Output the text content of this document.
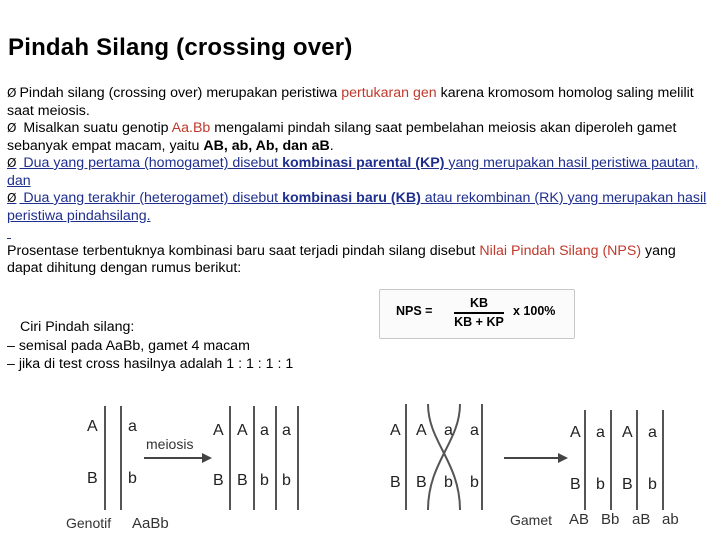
Pindah Silang (crossing over)

Ø Pindah silang (crossing over) merupakan peristiwa pertukaran gen karena kromosom homolog saling melilit saat meiosis.

Ø Misalkan suatu genotip Aa.Bb mengalami pindah silang saat pembelahan meiosis akan diperoleh gamet sebanyak empat macam, yaitu AB, ab, Ab, dan aB.

Ø Dua yang pertama (homogamet) disebut kombinasi parental (KP) yang merupakan hasil peristiwa pautan, dan

Ø Dua yang terakhir (heterogamet) disebut kombinasi baru (KB) atau rekombinan (RK) yang merupakan hasil peristiwa pindahsilang.

Prosentase terbentuknya kombinasi baru saat terjadi pindah silang disebut Nilai Pindah Silang (NPS) yang dapat dihitung dengan rumus berikut:

NPS =
KB
KB + KP
x 100%
Ciri Pindah silang:
– semisal pada AaBb, gamet 4 macam
– jika di test cross hasilnya adalah 1 : 1 : 1 : 1
A a
B b
meiosis
A A a a
B B b b
A A a a
B B b b
A a A a
B b B b
Genotif AaBb	Gamet AB Bb aB ab
